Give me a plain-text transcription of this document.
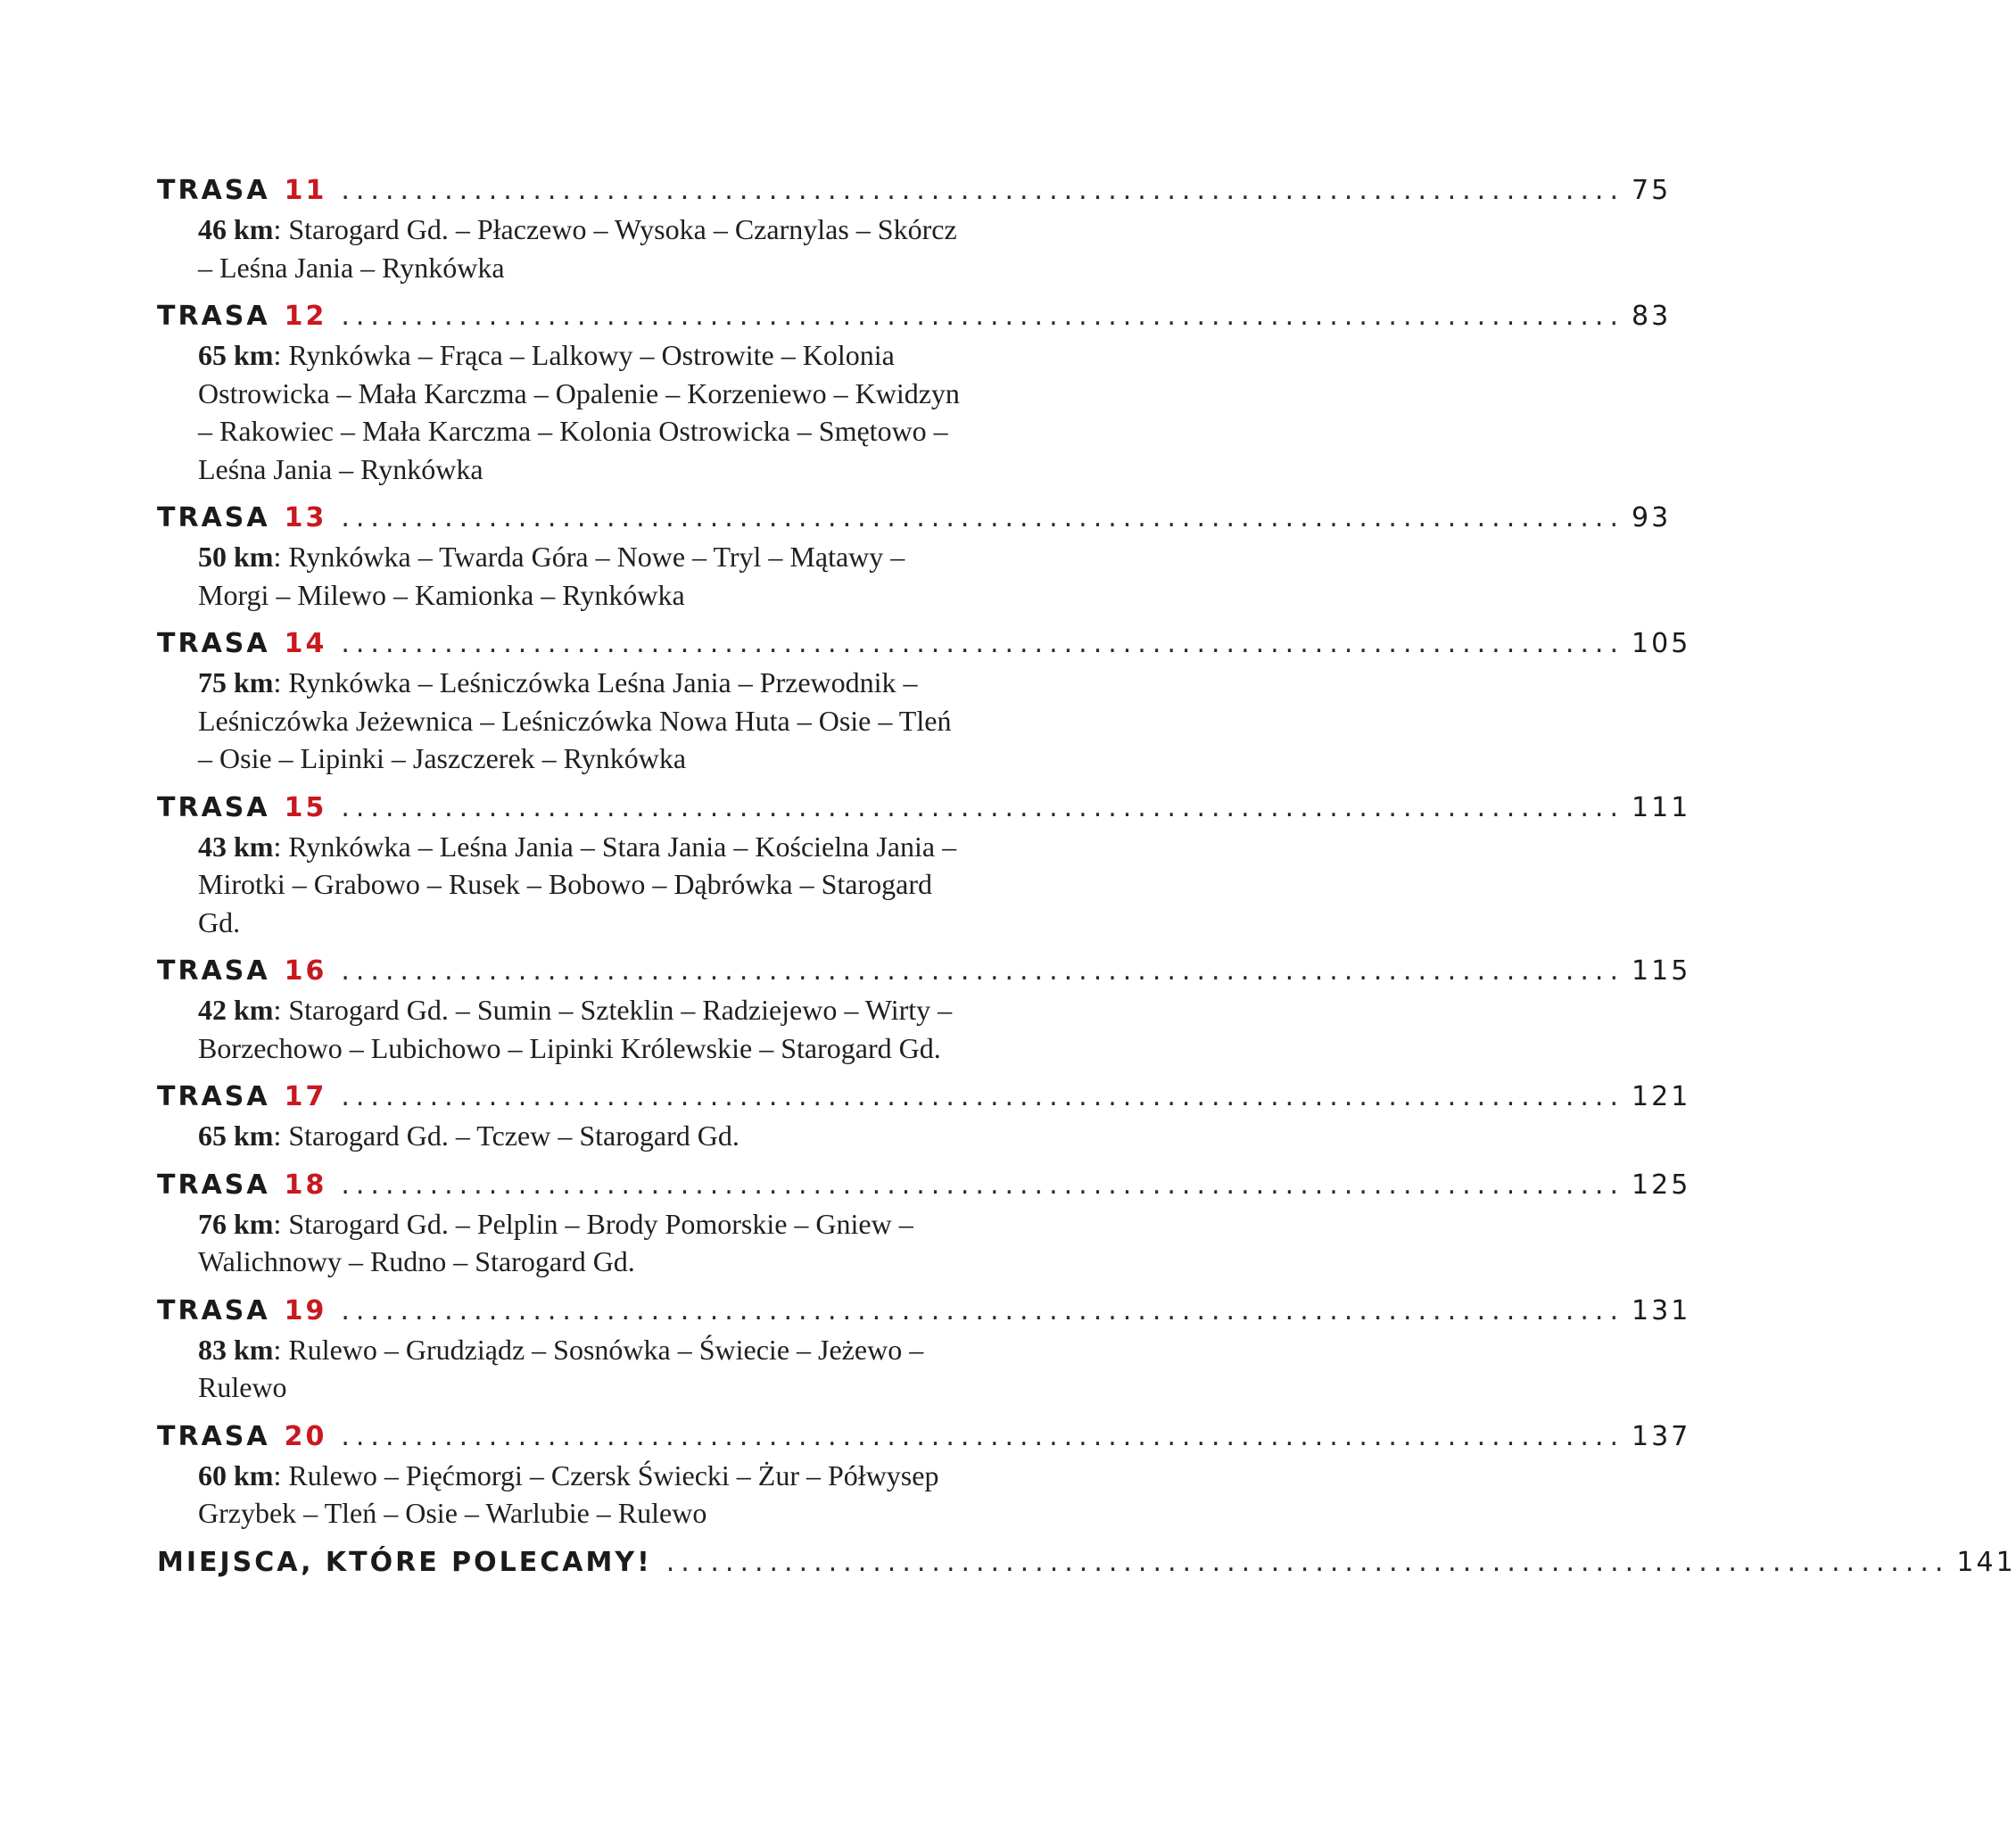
TRASA 11 ....................................................................................... 75
46 km: Starogard Gd. – Płaczewo – Wysoka – Czarnylas – Skórcz – Leśna Jania – Rynkówka
TRASA 12 ....................................................................................... 83
65 km: Rynkówka – Frąca – Lalkowy – Ostrowite – Kolonia Ostrowicka – Mała Karczma – Opalenie – Korzeniewo – Kwidzyn – Rakowiec – Mała Karczma – Kolonia Ostrowicka – Smętowo – Leśna Jania – Rynkówka
TRASA 13 ....................................................................................... 93
50 km: Rynkówka – Twarda Góra – Nowe – Tryl – Mątawy – Morgi – Milewo – Kamionka – Rynkówka
TRASA 14 ....................................................................................... 105
75 km: Rynkówka – Leśniczówka Leśna Jania – Przewodnik – Leśniczówka Jeżewnica – Leśniczówka Nowa Huta – Osie – Tleń – Osie – Lipinki – Jaszczerek – Rynkówka
TRASA 15 ....................................................................................... 111
43 km: Rynkówka – Leśna Jania – Stara Jania – Kościelna Jania – Mirotki – Grabowo – Rusek – Bobowo – Dąbrówka – Starogard Gd.
TRASA 16 ....................................................................................... 115
42 km: Starogard Gd. – Sumin – Szteklin – Radziejewo – Wirty – Borzechowo – Lubichowo – Lipinki Królewskie – Starogard Gd.
TRASA 17 ....................................................................................... 121
65 km: Starogard Gd. – Tczew – Starogard Gd.
TRASA 18 ....................................................................................... 125
76 km: Starogard Gd. – Pelplin – Brody Pomorskie – Gniew – Walichnowy – Rudno – Starogard Gd.
TRASA 19 ....................................................................................... 131
83 km: Rulewo – Grudziądz – Sosnówka – Świecie – Jeżewo – Rulewo
TRASA 20 ....................................................................................... 137
60 km: Rulewo – Pięćmorgi – Czersk Świecki – Żur – Półwysep Grzybek – Tleń – Osie – Warlubie – Rulewo
MIEJSCA, KTÓRE POLECAMY! ....................................................................................... 141
